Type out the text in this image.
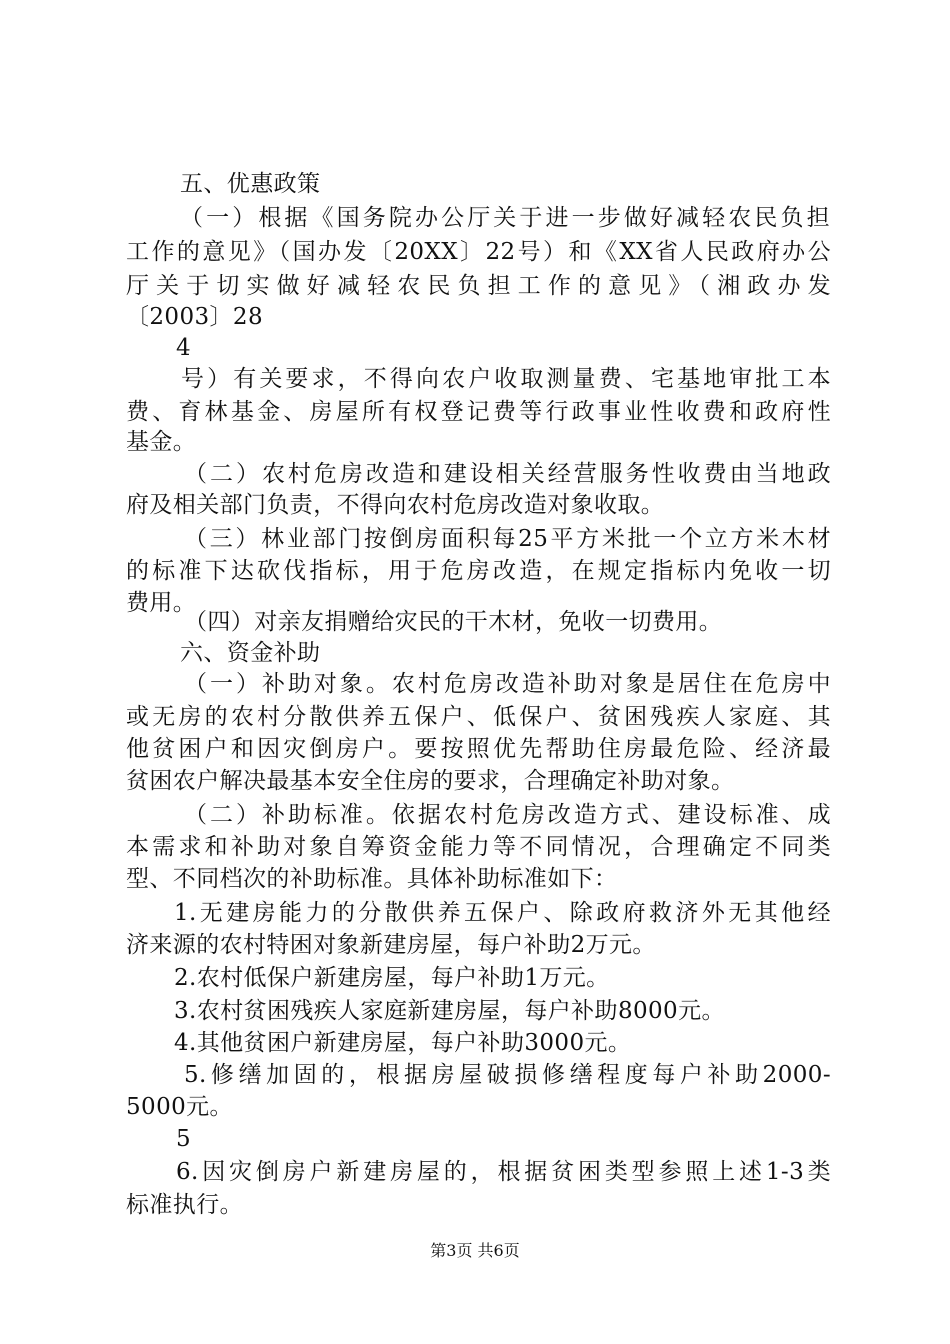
五、优惠政策
（一）根据《国务院办公厅关于进一步做好减轻农民负担
工作的意见》（国办发〔20XX〕22号）和《XX省人民政府办公
厅关于切实做好减轻农民负担工作的意见》（湘政办发
〔2003〕28
4
号）有关要求，不得向农户收取测量费、宅基地审批工本
费、育林基金、房屋所有权登记费等行政事业性收费和政府性
基金。
（二）农村危房改造和建设相关经营服务性收费由当地政
府及相关部门负责，不得向农村危房改造对象收取。
（三）林业部门按倒房面积每25平方米批一个立方米木材
的标准下达砍伐指标，用于危房改造，在规定指标内免收一切
费用。
（四）对亲友捐赠给灾民的干木材，免收一切费用。
六、资金补助
（一）补助对象。农村危房改造补助对象是居住在危房中
或无房的农村分散供养五保户、低保户、贫困残疾人家庭、其
他贫困户和因灾倒房户。要按照优先帮助住房最危险、经济最
贫困农户解决最基本安全住房的要求，合理确定补助对象。
（二）补助标准。依据农村危房改造方式、建设标准、成
本需求和补助对象自筹资金能力等不同情况，合理确定不同类
型、不同档次的补助标准。具体补助标准如下：
1.无建房能力的分散供养五保户、除政府救济外无其他经
济来源的农村特困对象新建房屋，每户补助2万元。
2.农村低保户新建房屋，每户补助1万元。
3.农村贫困残疾人家庭新建房屋，每户补助8000元。
4.其他贫困户新建房屋，每户补助3000元。
5.修缮加固的，根据房屋破损修缮程度每户补助2000-
5000元。
5
6.因灾倒房户新建房屋的，根据贫困类型参照上述1-3类
标准执行。
第3页 共6页
